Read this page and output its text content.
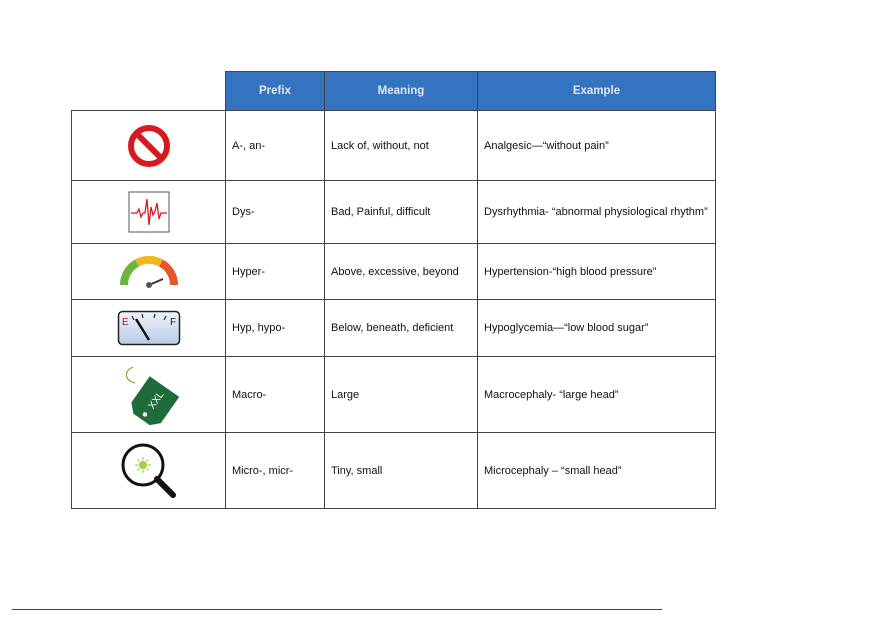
	Prefix	Meaning	Example

	A-, an-	Lack of, without, not	Analgesic—“without pain”

	Dys-	Bad, Painful, difficult	Dysrhythmia- “abnormal physiological rhythm”

	Hyper-	Above, excessive, beyond	Hypertension-“high blood pressure”

E F	Hyp, hypo-	Below, beneath, deficient	Hypoglycemia—“low blood sugar”

XXL	Macro-	Large	Macrocephaly- “large head”

	Micro-, micr-	Tiny, small	Microcephaly – “small head”
